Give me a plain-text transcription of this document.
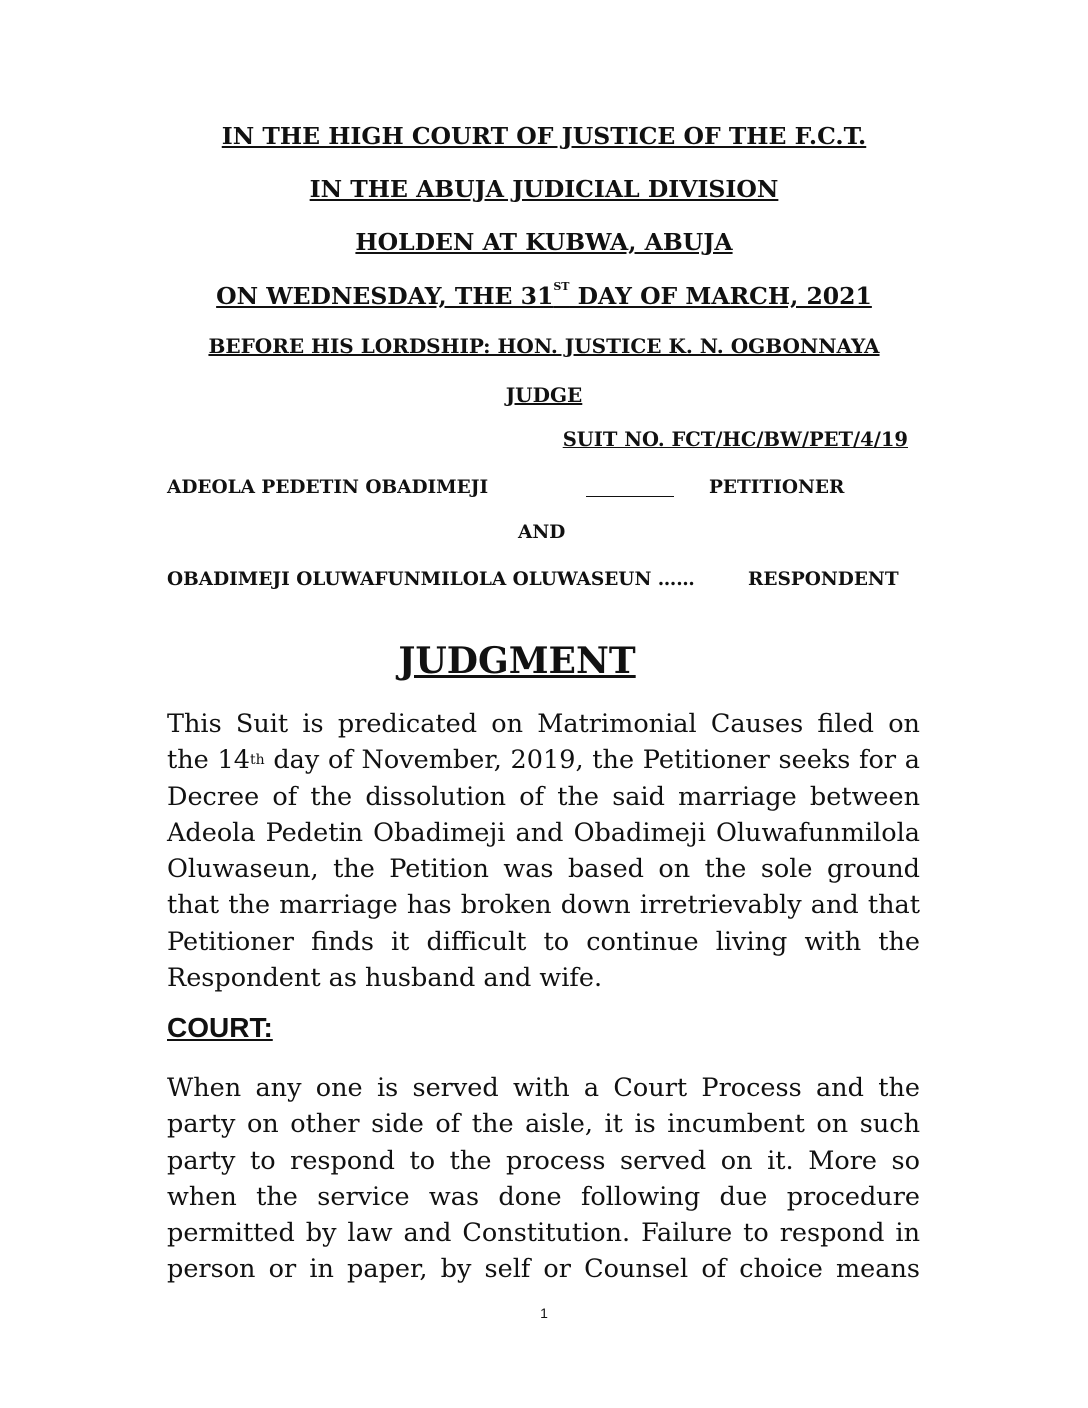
IN THE HIGH COURT OF JUSTICE OF THE F.C.T.
IN THE ABUJA JUDICIAL DIVISION
HOLDEN AT KUBWA, ABUJA
ON WEDNESDAY, THE 31ST DAY OF MARCH, 2021
BEFORE HIS LORDSHIP: HON. JUSTICE K. N. OGBONNAYA
JUDGE
SUIT NO. FCT/HC/BW/PET/4/19
ADEOLA PEDETIN OBADIMEJI	PETITIONER
AND
OBADIMEJI OLUWAFUNMILOLA OLUWASEUN ……	RESPONDENT
JUDGMENT
This Suit is predicated on Matrimonial Causes filed on
the 14th day of November, 2019, the Petitioner seeks for a
Decree of the dissolution of the said marriage between
Adeola Pedetin Obadimeji and Obadimeji Oluwafunmilola
Oluwaseun, the Petition was based on the sole ground
that the marriage has broken down irretrievably and that
Petitioner finds it difficult to continue living with the
Respondent as husband and wife.
COURT:
When any one is served with a Court Process and the
party on other side of the aisle, it is incumbent on such
party to respond to the process served on it. More so
when the service was done following due procedure
permitted by law and Constitution. Failure to respond in
person or in paper, by self or Counsel of choice means
1
